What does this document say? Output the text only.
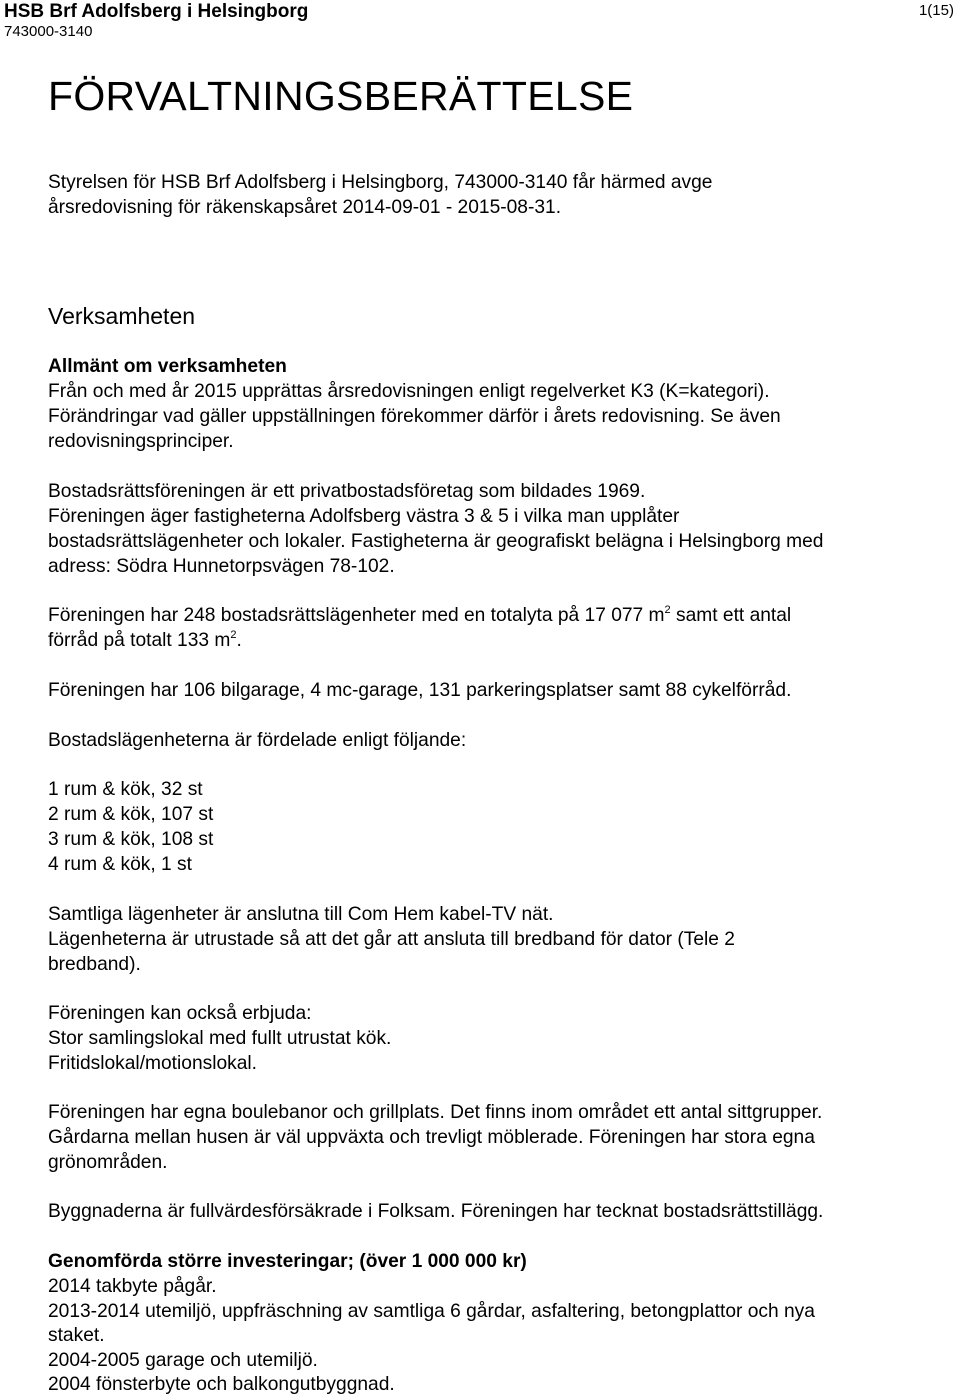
HSB Brf Adolfsberg i Helsingborg
743000-3140
1(15)
FÖRVALTNINGSBERÄTTELSE
Styrelsen för HSB Brf Adolfsberg i Helsingborg, 743000-3140 får härmed avge
årsredovisning för räkenskapsåret 2014-09-01 - 2015-08-31.
Verksamheten
Allmänt om verksamheten
Från och med år 2015 upprättas årsredovisningen enligt regelverket K3 (K=kategori).
Förändringar vad gäller uppställningen förekommer därför i årets redovisning. Se även
redovisningsprinciper.
Bostadsrättsföreningen är ett privatbostadsföretag som bildades 1969.
Föreningen äger fastigheterna Adolfsberg västra 3 & 5 i vilka man upplåter
bostadsrättslägenheter och lokaler. Fastigheterna är geografiskt belägna i Helsingborg med
adress: Södra Hunnetorpsvägen 78-102.
Föreningen har 248 bostadsrättslägenheter med en totalyta på 17 077 $m^2$ samt ett antal
förråd på totalt 133 $m^2$.
Föreningen har 106 bilgarage, 4 mc-garage, 131 parkeringsplatser samt 88 cykelförråd.
Bostadslägenheterna är fördelade enligt följande:
1 rum & kök, 32 st
2 rum & kök, 107 st
3 rum & kök, 108 st
4 rum & kök, 1 st
Samtliga lägenheter är anslutna till Com Hem kabel-TV nät.
Lägenheterna är utrustade så att det går att ansluta till bredband för dator (Tele 2
bredband).
Föreningen kan också erbjuda:
Stor samlingslokal med fullt utrustat kök.
Fritidslokal/motionslokal.
Föreningen har egna boulebanor och grillplats. Det finns inom området ett antal sittgrupper.
Gårdarna mellan husen är väl uppväxta och trevligt möblerade. Föreningen har stora egna
grönområden.
Byggnaderna är fullvärdesförsäkrade i Folksam. Föreningen har tecknat bostadsrättstillägg.
Genomförda större investeringar; (över 1 000 000 kr)
2014 takbyte pågår.
2013-2014 utemiljö, uppfräschning av samtliga 6 gårdar, asfaltering, betongplattor och nya
staket.
2004-2005 garage och utemiljö.
2004 fönsterbyte och balkongutbyggnad.
